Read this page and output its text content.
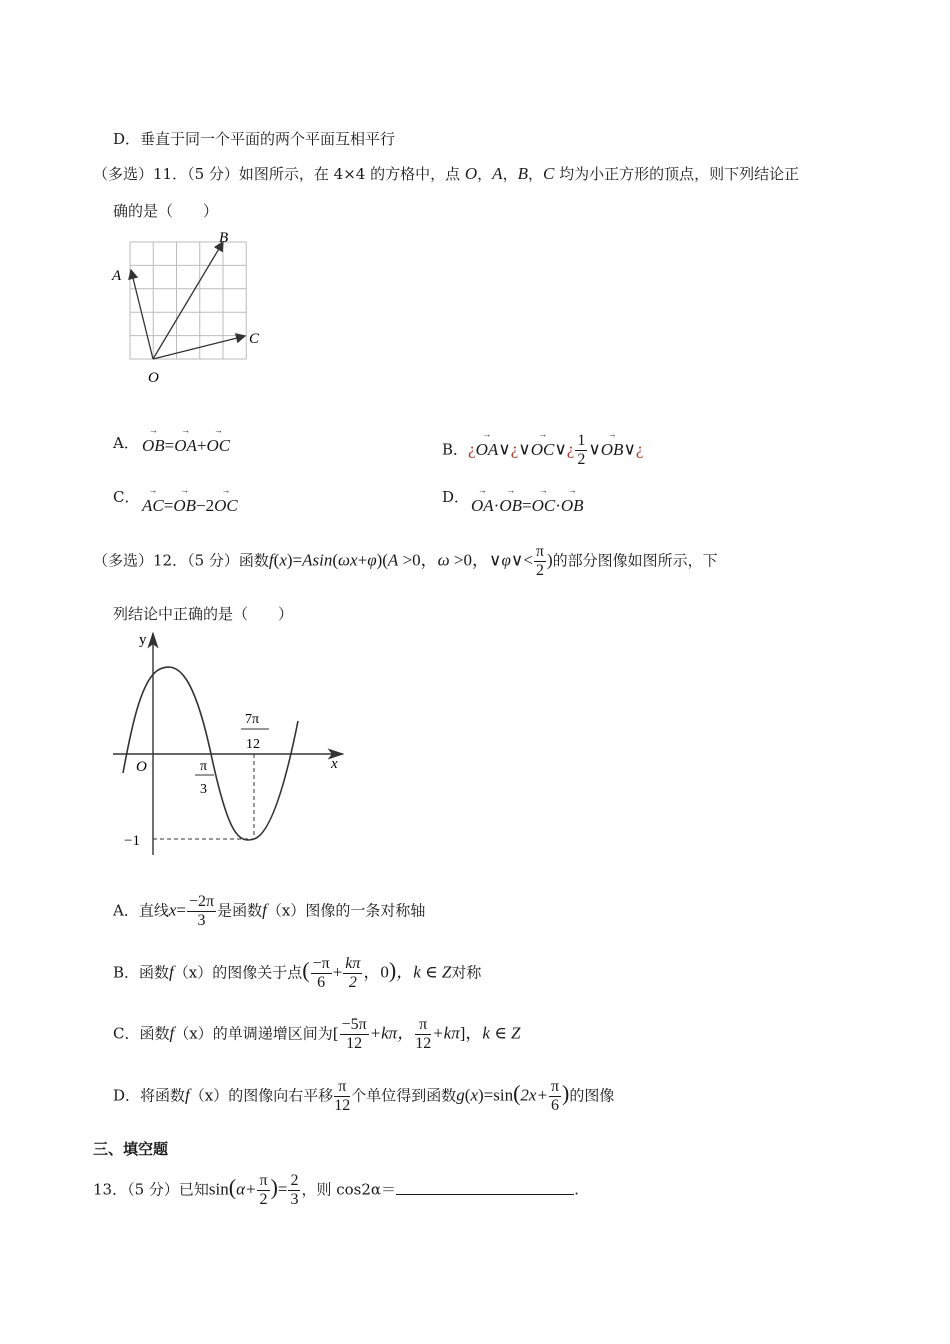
D．垂直于同一个平面的两个平面互相平行
（多选）11．（5 分）如图所示，在 4×4 的方格中，点 O，A，B，C 均为小正方形的顶点，则下列结论正
确的是（　　）
A
B
C
O
A． → OB=→ OA+→ OC	B．¿→ OA∨¿∨→ OC∨¿ $\frac{1}{2}$ ∨→ OB∨¿
C． → AC=→ OB−2→ OC	D． → OA·→ OB=→ OC·→ OB
（多选）12．（5 分）函数f(x)=Asin(ωx+φ)(A >0，ω >0，∨φ∨< $\frac{\pi}{2}$ )的部分图像如图所示，下
列结论中正确的是（　　）
y
x
O	π
3
7π
12
−1
A．直线$x= \frac{-2\pi}{3}$ 是函数f（x）图像的一条对称轴
B．函数f（x）的图像关于点( $\frac{-\pi}{6} + \frac{k\pi}{2}$ ，0)，k ∈ Z对称
C．函数f（x）的单调递增区间为[ $\frac{-5\pi}{12} +k\pi$， $\frac{\pi}{12} +k\pi$]，k ∈ Z
D．将函数f（x）的图像向右平移 $\frac{\pi}{12}$ 个单位得到函数$g(x)=\sin(2x+ \frac{\pi}{6}$ )的图像
三、填空题
13．（5 分）已知$\sin(\alpha+ \frac{\pi}{2}$ )= $\frac{2}{3}$ ，则 cos2α＝	.
